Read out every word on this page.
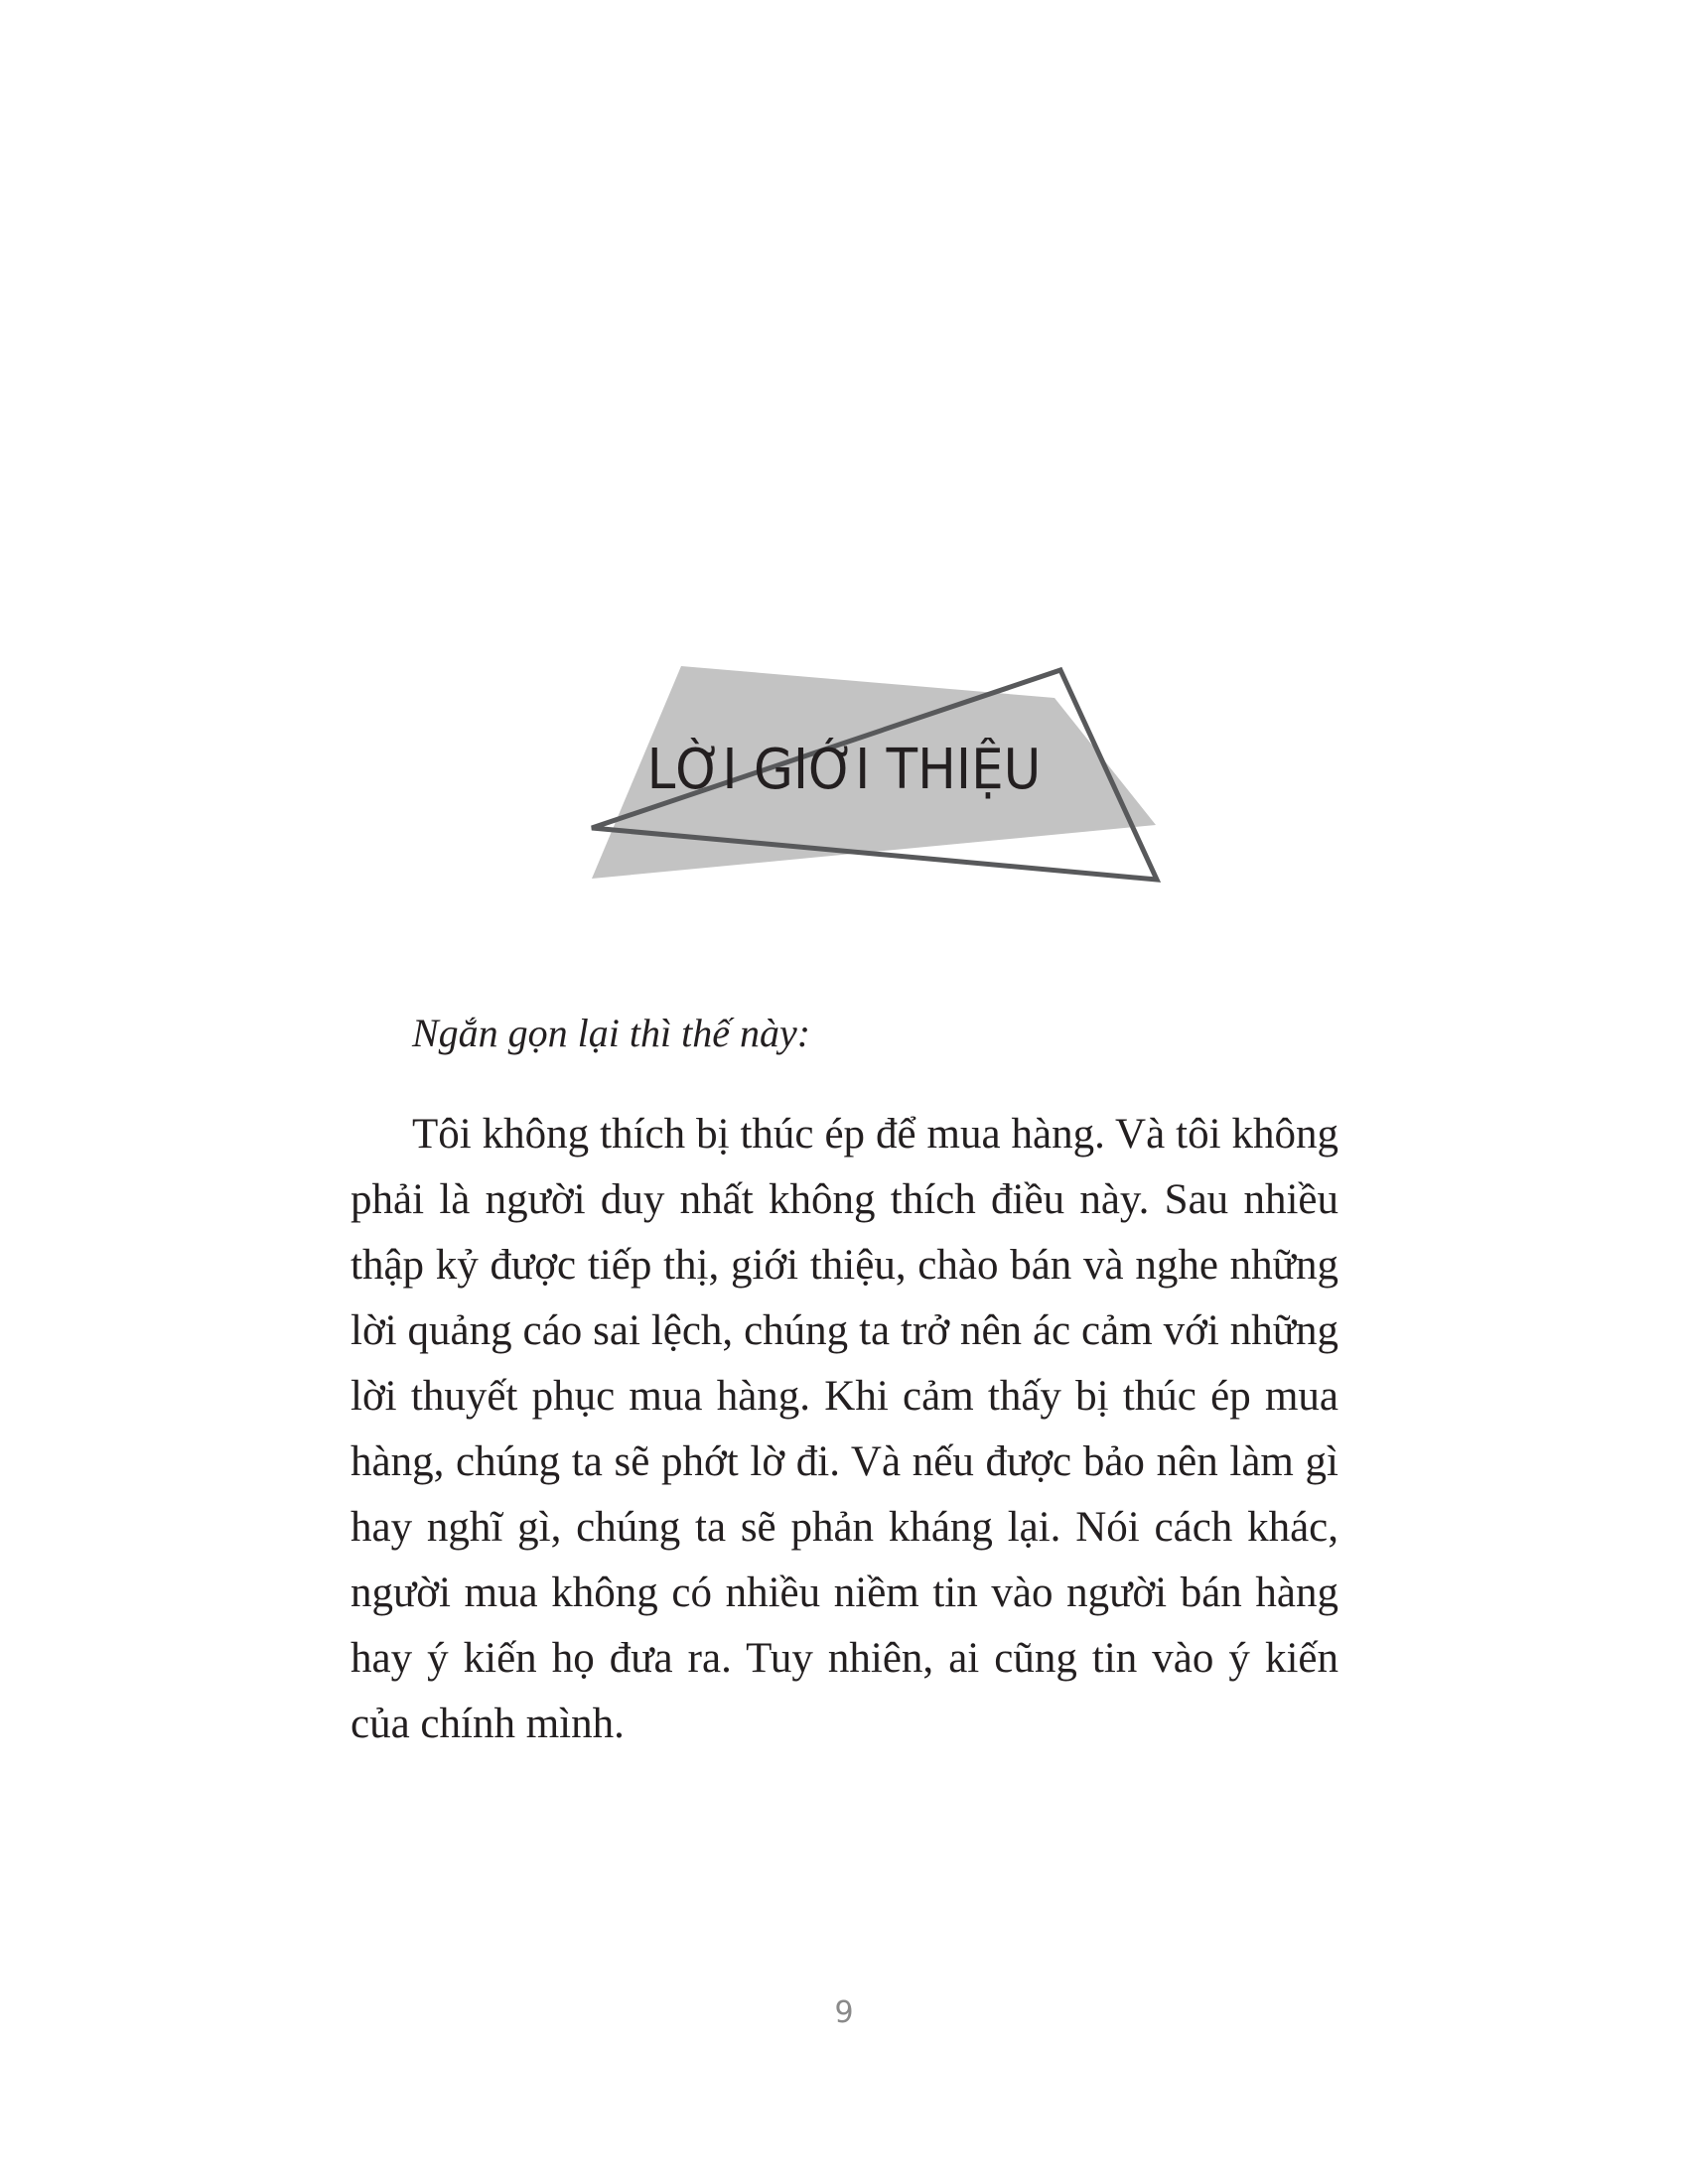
LỜI GIỚI THIỆU

Ngắn gọn lại thì thế này:

Tôi không thích bị thúc ép để mua hàng. Và tôi không phải là người duy nhất không thích điều này. Sau nhiều thập kỷ được tiếp thị, giới thiệu, chào bán và nghe những lời quảng cáo sai lệch, chúng ta trở nên ác cảm với những lời thuyết phục mua hàng. Khi cảm thấy bị thúc ép mua hàng, chúng ta sẽ phớt lờ đi. Và nếu được bảo nên làm gì hay nghĩ gì, chúng ta sẽ phản kháng lại. Nói cách khác, người mua không có nhiều niềm tin vào người bán hàng hay ý kiến họ đưa ra. Tuy nhiên, ai cũng tin vào ý kiến của chính mình.

9
